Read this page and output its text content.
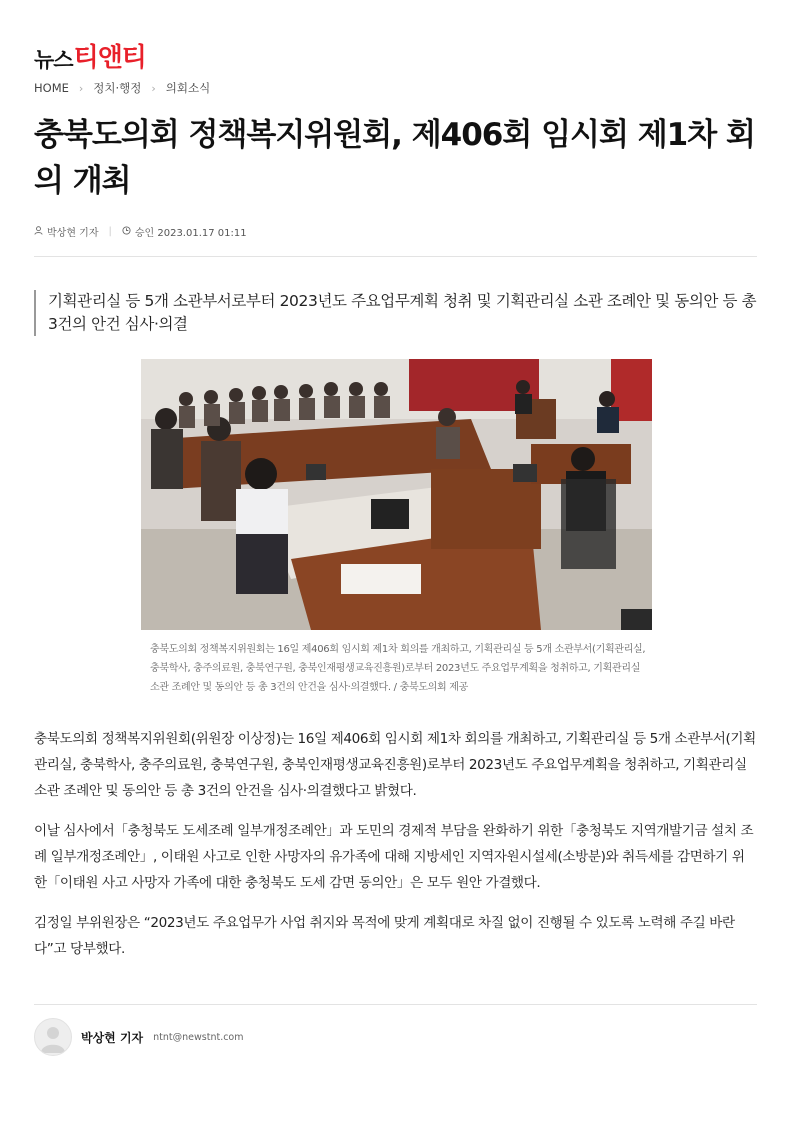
뉴스 티앤티
HOME › 정치·행정 › 의회소식
충북도의회 정책복지위원회, 제406회 임시회 제1차 회의 개최
박상현 기자 | 승인 2023.01.17 01:11
기획관리실 등 5개 소관부서로부터 2023년도 주요업무계획 청취 및 기획관리실 소관 조례안 및 동의안 등 총 3건의 안건 심사·의결
충북도의회 정책복지위원회는 16일 제406회 임시회 제1차 회의를 개최하고, 기획관리실 등 5개 소관부서(기획관리실, 충북학사, 충주의료원, 충북연구원, 충북인재평생교육진흥원)로부터 2023년도 주요업무계획을 청취하고, 기획관리실 소관 조례안 및 동의안 등 총 3건의 안건을 심사·의결했다. / 충북도의회 제공

충북도의회 정책복지위원회(위원장 이상정)는 16일 제406회 임시회 제1차 회의를 개최하고, 기획관리실 등 5개 소관부서(기획관리실, 충북학사, 충주의료원, 충북연구원, 충북인재평생교육진흥원)로부터 2023년도 주요업무계획을 청취하고, 기획관리실 소관 조례안 및 동의안 등 총 3건의 안건을 심사·의결했다고 밝혔다.

이날 심사에서「충청북도 도세조례 일부개정조례안」과 도민의 경제적 부담을 완화하기 위한「충청북도 지역개발기금 설치 조례 일부개정조례안」, 이태원 사고로 인한 사망자의 유가족에 대해 지방세인 지역자원시설세(소방분)와 취득세를 감면하기 위한「이태원 사고 사망자 가족에 대한 충청북도 도세 감면 동의안」은 모두 원안 가결했다.

김정일 부위원장은 “2023년도 주요업무가 사업 취지와 목적에 맞게 계획대로 차질 없이 진행될 수 있도록 노력해 주길 바란다”고 당부했다.

박상현 기자 ntnt@newstnt.com
